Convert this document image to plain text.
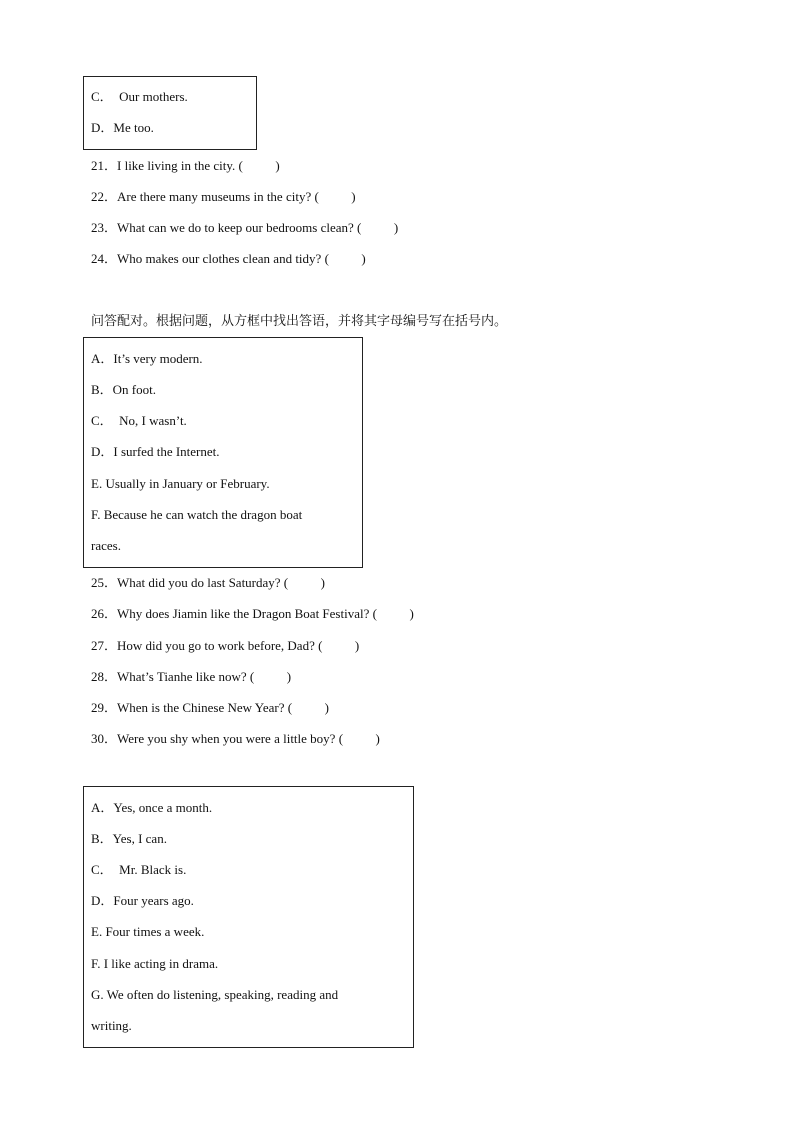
C．  Our mothers.
D．Me too.
21．I like living in the city. (          )
22．Are there many museums in the city? (          )
23．What can we do to keep our bedrooms clean? (          )
24．Who makes our clothes clean and tidy? (          )
问答配对。根据问题，从方框中找出答语，并将其字母编号写在括号内。
A．It’s very modern.
B．On foot.
C．  No, I wasn’t.
D．I surfed the Internet.
E. Usually in January or February.
F. Because he can watch the dragon boat
races.
25．What did you do last Saturday? (          )
26．Why does Jiamin like the Dragon Boat Festival? (          )
27．How did you go to work before, Dad? (          )
28．What’s Tianhe like now? (          )
29．When is the Chinese New Year? (          )
30．Were you shy when you were a little boy? (          )
A．Yes, once a month.
B．Yes, I can.
C．  Mr. Black is.
D．Four years ago.
E. Four times a week.
F. I like acting in drama.
G. We often do listening, speaking, reading and
writing.
